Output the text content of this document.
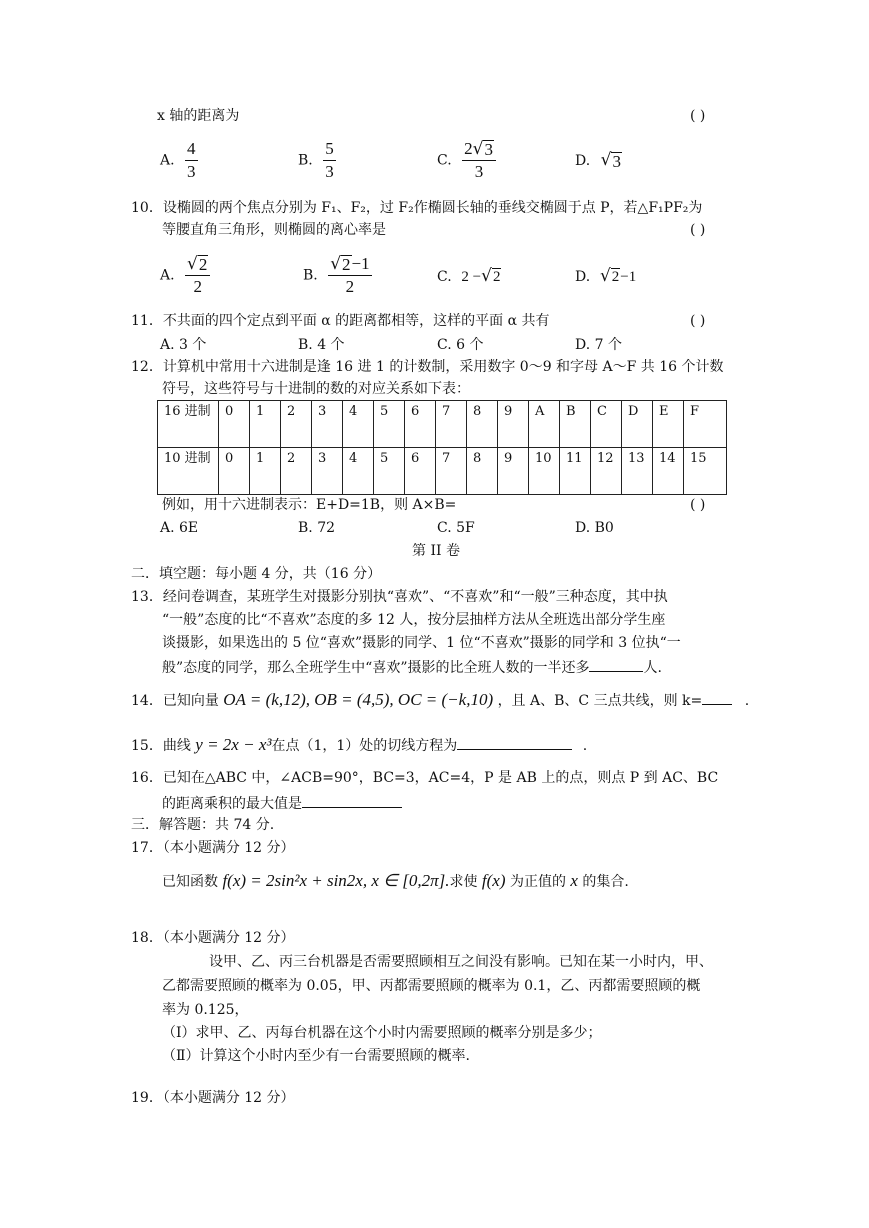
x 轴的距离为	( )
A. $\frac{4}{3}$	B. $\frac{5}{3}$	C. $\frac{2 √ 3}{3}$	D. √ 3
10．设椭圆的两个焦点分别为 F₁、F₂，过 F₂作椭圆长轴的垂线交椭圆于点 P，若△F₁PF₂为
等腰直角三角形，则椭圆的离心率是	( )
A. $\frac{√ 2}{2}$	B. $\frac{√ 2 -1}{2}$	C. 2 − √ 2	D. √ 2 −1
11．不共面的四个定点到平面 α 的距离都相等，这样的平面 α 共有	( )
A. 3 个	B. 4 个	C. 6 个	D. 7 个
12．计算机中常用十六进制是逢 16 进 1 的计数制，采用数字 0～9 和字母 A～F 共 16 个计数
符号，这些符号与十进制的数的对应关系如下表：
16 进制	0	1	2	3	4	5	6	7	8	9	A	B	C	D	E	F
10 进制	0	1	2	3	4	5	6	7	8	9	10	11	12	13	14	15
例如，用十六进制表示：E+D=1B，则 A×B=	( )
A. 6E	B. 72	C. 5F	D. B0
第 II 卷
二．填空题：每小题 4 分，共（16 分）
13．经问卷调查，某班学生对摄影分别执“喜欢”、“不喜欢”和“一般”三种态度，其中执
“一般”态度的比“不喜欢”态度的多 12 人，按分层抽样方法从全班选出部分学生座
谈摄影，如果选出的 5 位“喜欢”摄影的同学、1 位“不喜欢”摄影的同学和 3 位执“一
般”态度的同学，那么全班学生中“喜欢”摄影的比全班人数的一半还多	人.
14．已知向量 OA = (k,12), OB = (4,5), OC = (−k,10) ，且 A、B、C 三点共线，则 k=	.
15．曲线 y = 2x − x³在点（1，1）处的切线方程为	.
16．已知在△ABC 中，∠ACB=90°，BC=3，AC=4，P 是 AB 上的点，则点 P 到 AC、BC
的距离乘积的最大值是
三．解答题：共 74 分.
17．（本小题满分 12 分）
已知函数 f(x) = 2sin²x + sin2x, x ∈ [0,2π].求使 f(x) 为正值的 x 的集合.
18．（本小题满分 12 分）
设甲、乙、丙三台机器是否需要照顾相互之间没有影响。已知在某一小时内，甲、
乙都需要照顾的概率为 0.05，甲、丙都需要照顾的概率为 0.1，乙、丙都需要照顾的概
率为 0.125，
（Ⅰ）求甲、乙、丙每台机器在这个小时内需要照顾的概率分别是多少；
（Ⅱ）计算这个小时内至少有一台需要照顾的概率.
19．（本小题满分 12 分）
